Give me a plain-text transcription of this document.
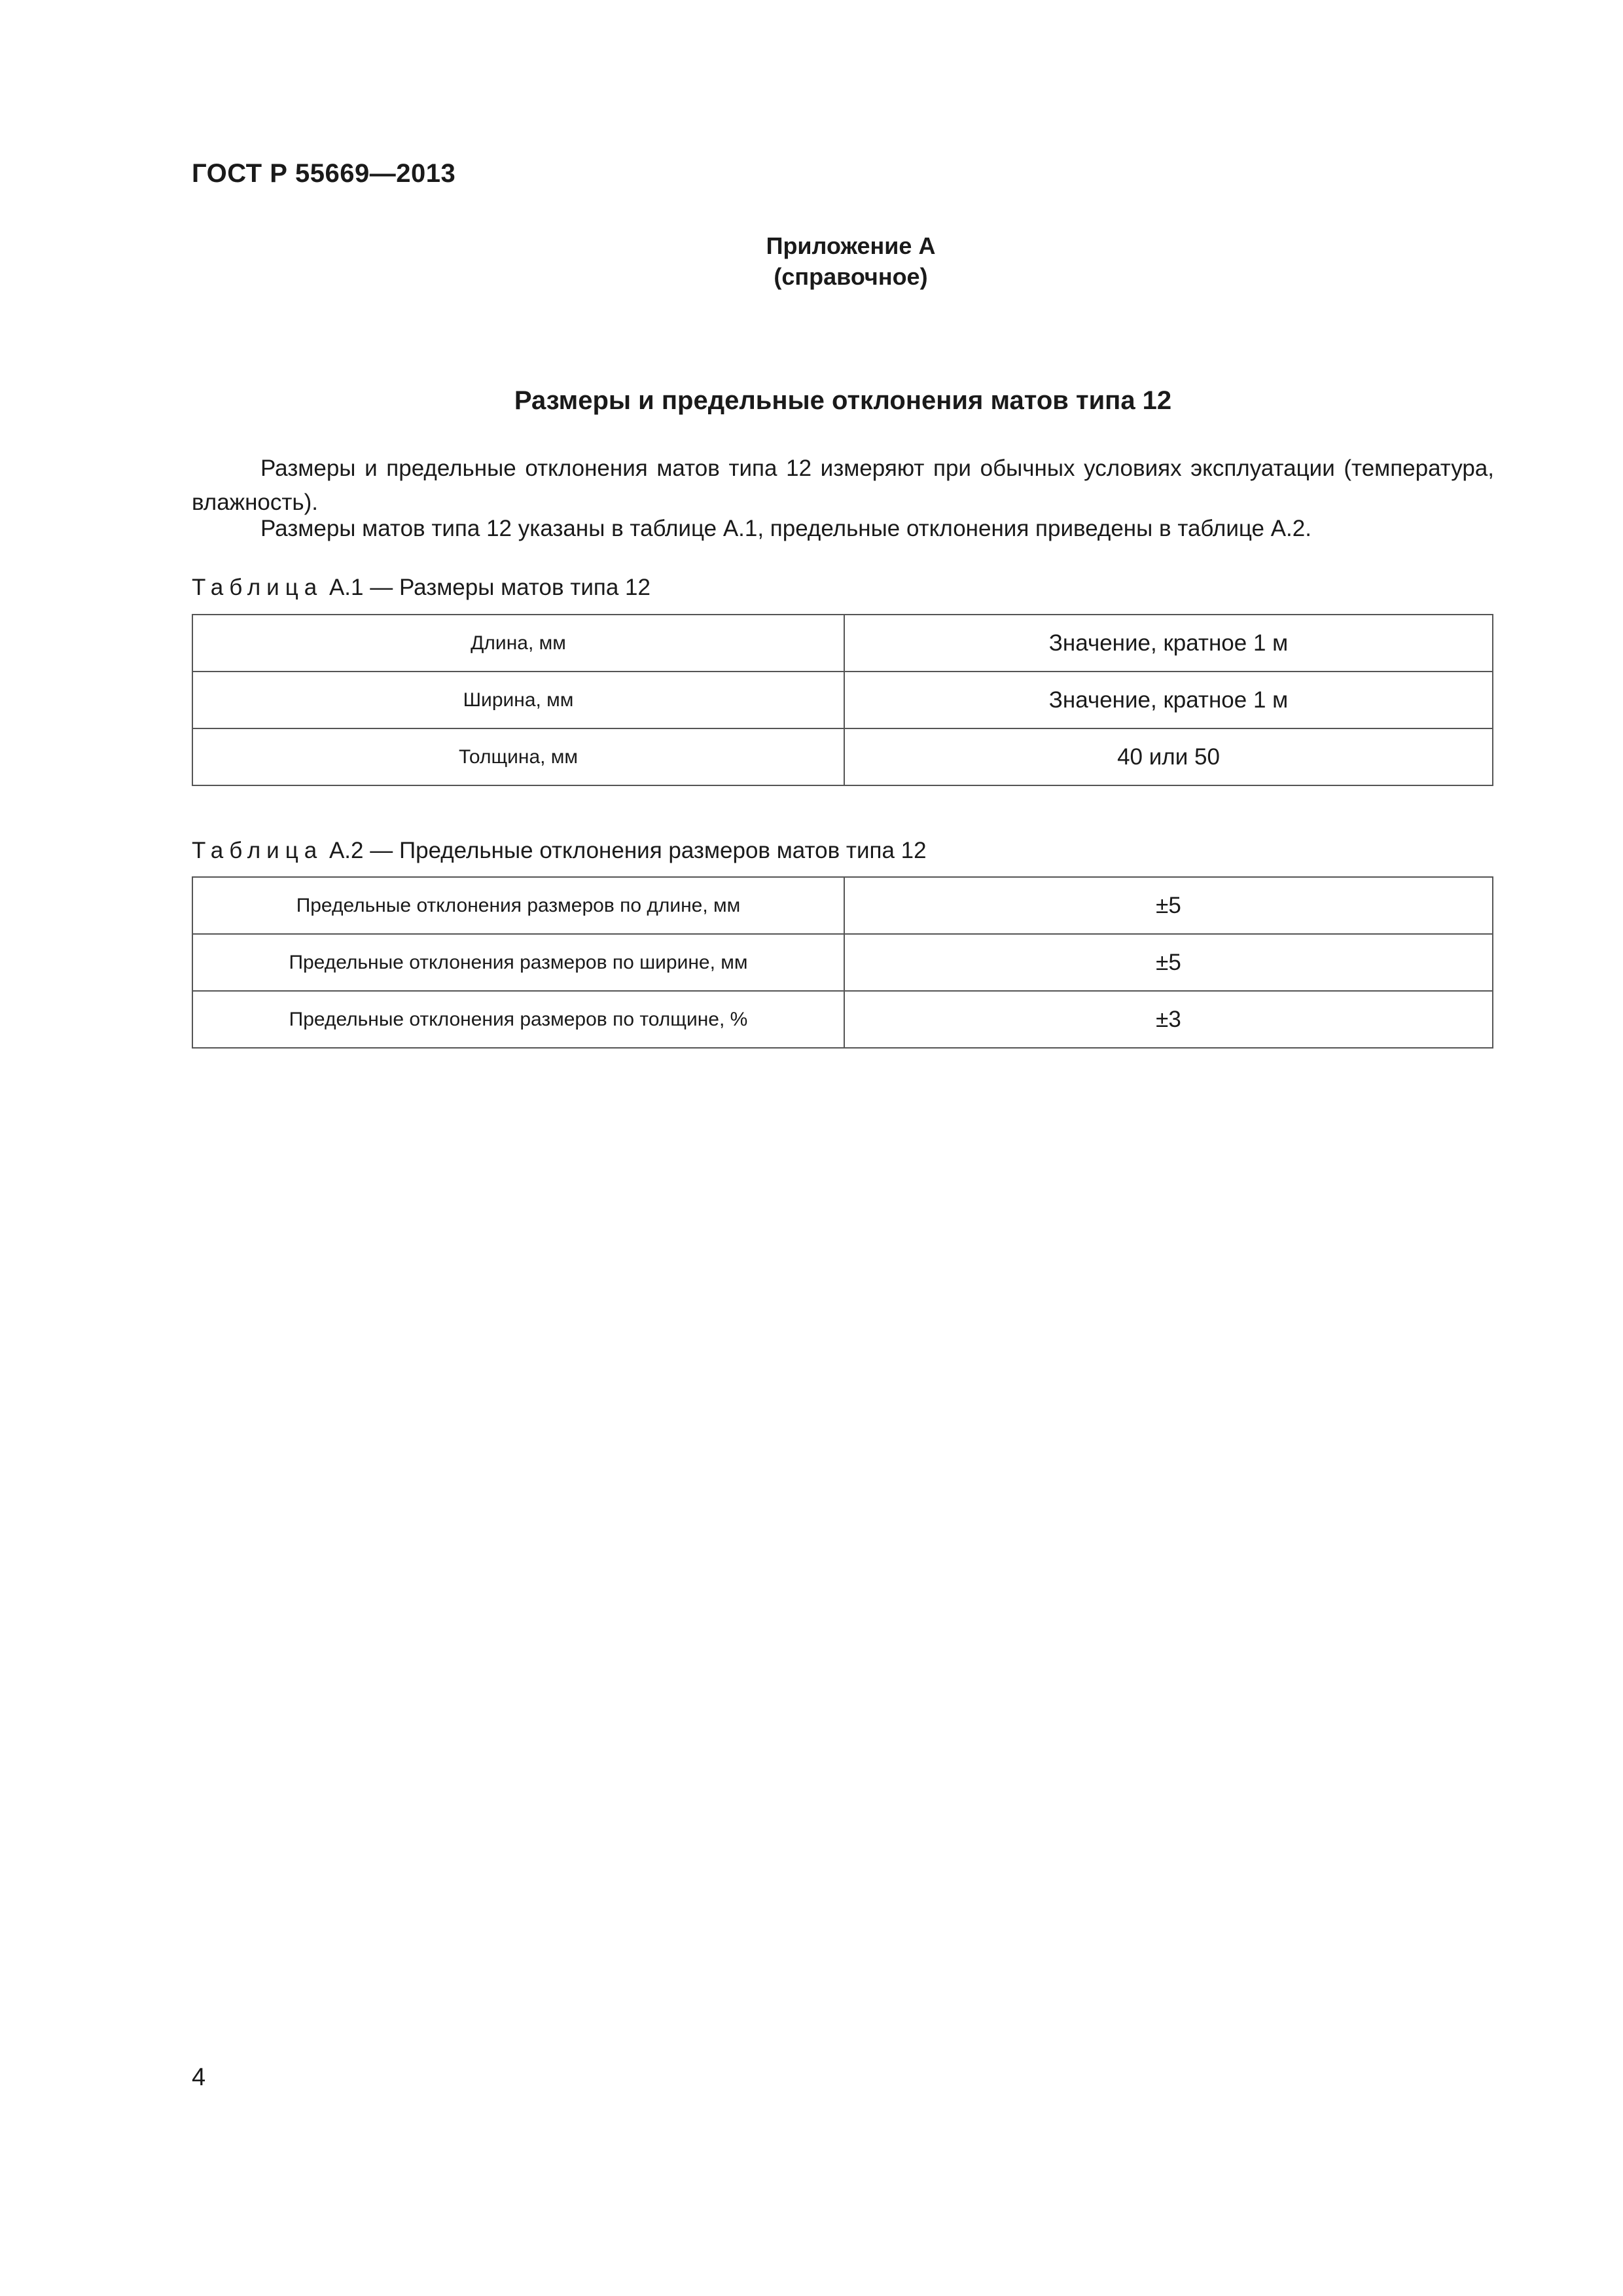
ГОСТ Р 55669—2013
Приложение А
(справочное)
Размеры и предельные отклонения матов типа 12
Размеры и предельные отклонения матов типа 12 измеряют при обычных условиях эксплуатации (температура, влажность).
Размеры матов типа 12 указаны в таблице А.1, предельные отклонения приведены в таблице А.2.
Таблица А.1 — Размеры матов типа 12
Длина, мм	Значение, кратное 1 м
Ширина, мм	Значение, кратное 1 м
Толщина, мм	40 или 50
Таблица А.2 — Предельные отклонения размеров матов типа 12
Предельные отклонения размеров по длине, мм	±5
Предельные отклонения размеров по ширине, мм	±5
Предельные отклонения размеров по толщине, %	±3
4
